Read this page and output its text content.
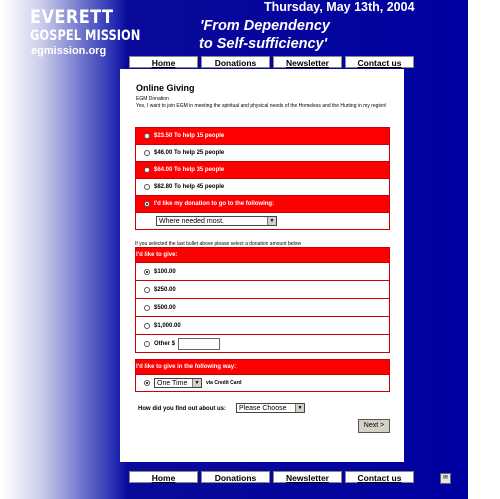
EVERETT
GOSPEL MISSION
egmission.org
Thursday, May 13th, 2004
'From Dependency
to Self-sufficiency'
Home	Donations	Newsletter	Contact us
Online Giving
EGM Donation
Yes, I want to join EGM in meeting the spiritual and physical needs of the Homeless and the Hurting in my region!
$23.50 To help 15 people
$46.00 To help 25 people
$64.00 To help 35 people
$82.80 To help 45 people
I'd like my donation to go to the following:
Where needed most.	▼
If you selected the last bullet above please select a donation amount below
I'd like to give:
$100.00
$250.00
$500.00
$1,000.00
Other $
I'd like to give in the following way:
One Time	▼	via Credit Card
How did you find out about us: Please Choose	▼
Next >
Home	Donations	Newsletter	Contact us	✉
